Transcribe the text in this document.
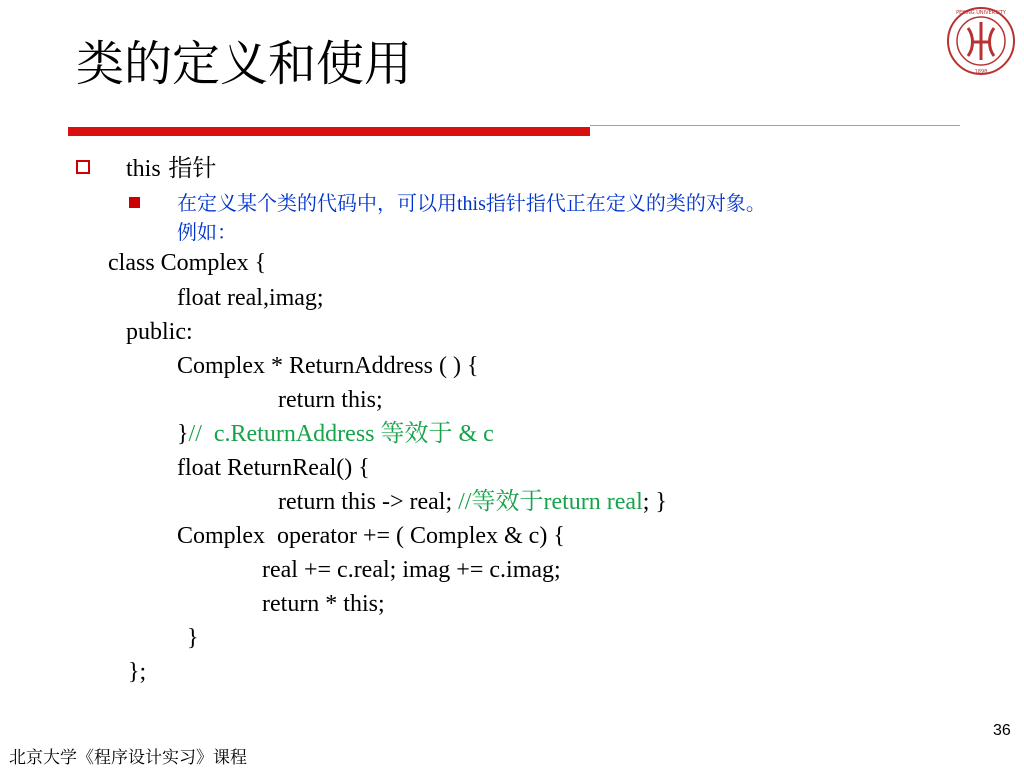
类的定义和使用
PEKING UNIVERSITY
1898
this 指针
在定义某个类的代码中，可以用this指针指代正在定义的类的对象。
例如：
class Complex {
float real,imag;
public:
Complex * ReturnAddress ( ) {
return this;
}//  c.ReturnAddress 等效于 & c
float ReturnReal() {
return this -> real; //等效于return real; }
Complex  operator += ( Complex & c) {
real += c.real; imag += c.imag;
return * this;
}
};
36
北京大学《程序设计实习》课程
